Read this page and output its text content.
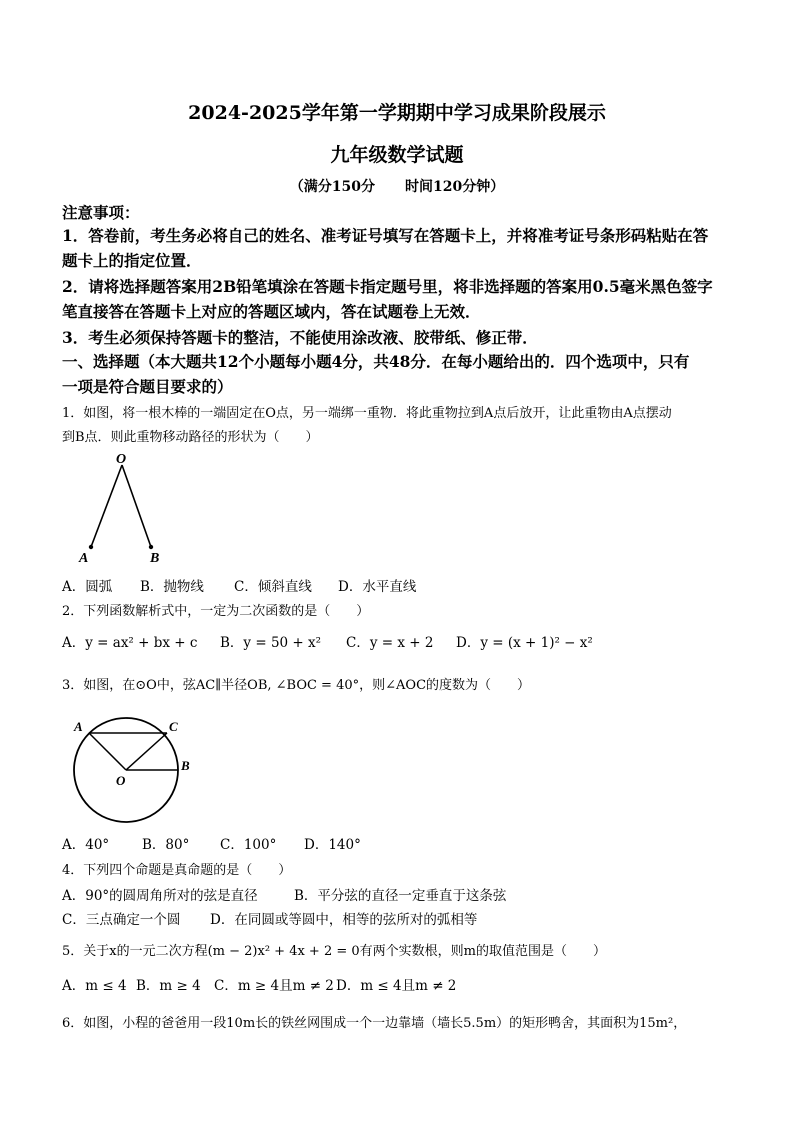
2024-2025学年第一学期期中学习成果阶段展示
九年级数学试题
（满分150分 时间120分钟）
注意事项：
1．答卷前，考生务必将自己的姓名、准考证号填写在答题卡上，并将准考证号条形码粘贴在答
题卡上的指定位置．
2．请将选择题答案用2B铅笔填涂在答题卡指定题号里，将非选择题的答案用0.5毫米黑色签字
笔直接答在答题卡上对应的答题区域内，答在试题卷上无效．
3．考生必须保持答题卡的整洁，不能使用涂改液、胶带纸、修正带．
一、选择题（本大题共12个小题每小题4分，共48分．在每小题给出的．四个选项中，只有
一项是符合题目要求的）
1．如图，将一根木棒的一端固定在O点，另一端绑一重物．将此重物拉到A点后放开，让此重物由A点摆动
到B点．则此重物移动路径的形状为（　　）
O
A	B
A．圆弧 B．抛物线 C．倾斜直线 D．水平直线
2．下列函数解析式中，一定为二次函数的是（　　）
A．y = ax² + bx + c B．y = 50 + x² C．y = x + 2 D．y = (x + 1)² − x²
3．如图，在⊙O中，弦AC∥半径OB, ∠BOC = 40°，则∠AOC的度数为（　　）
A	C
O
B
A．40° B．80° C．100° D．140°
4．下列四个命题是真命题的是（　　）
A．90°的圆周角所对的弦是直径	B．平分弦的直径一定垂直于这条弦
C．三点确定一个圆 D．在同圆或等圆中，相等的弦所对的弧相等
5．关于x的一元二次方程(m − 2)x² + 4x + 2 = 0有两个实数根，则m的取值范围是（　　）
A．m ≤ 4 B．m ≥ 4 C．m ≥ 4且m ≠ 2 D．m ≤ 4且m ≠ 2
6．如图，小程的爸爸用一段10m长的铁丝网围成一个一边靠墙（墙长5.5m）的矩形鸭舍，其面积为15m²，
